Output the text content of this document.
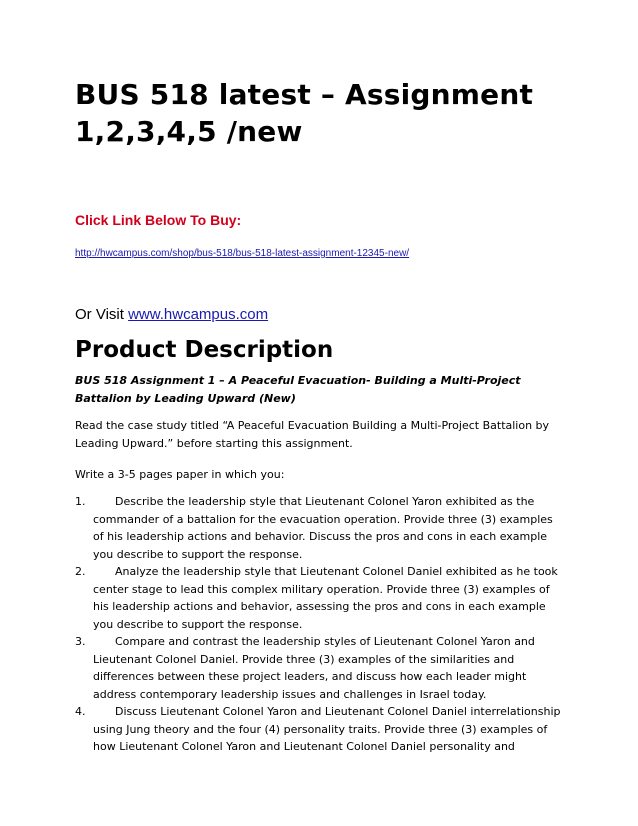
BUS 518 latest – Assignment 1,2,3,4,5 /new
Click Link Below To Buy:
http://hwcampus.com/shop/bus-518/bus-518-latest-assignment-12345-new/
Or Visit www.hwcampus.com
Product Description
BUS 518 Assignment 1 – A Peaceful Evacuation- Building a Multi-Project Battalion by Leading Upward (New)
Read the case study titled “A Peaceful Evacuation Building a Multi-Project Battalion by Leading Upward.” before starting this assignment.
Write a 3-5 pages paper in which you:
1.	Describe the leadership style that Lieutenant Colonel Yaron exhibited as the commander of a battalion for the evacuation operation. Provide three (3) examples of his leadership actions and behavior. Discuss the pros and cons in each example you describe to support the response.
2.	Analyze the leadership style that Lieutenant Colonel Daniel exhibited as he took center stage to lead this complex military operation. Provide three (3) examples of his leadership actions and behavior, assessing the pros and cons in each example you describe to support the response.
3.	Compare and contrast the leadership styles of Lieutenant Colonel Yaron and Lieutenant Colonel Daniel. Provide three (3) examples of the similarities and differences between these project leaders, and discuss how each leader might address contemporary leadership issues and challenges in Israel today.
4.	Discuss Lieutenant Colonel Yaron and Lieutenant Colonel Daniel interrelationship using Jung theory and the four (4) personality traits. Provide three (3) examples of how Lieutenant Colonel Yaron and Lieutenant Colonel Daniel personality and
